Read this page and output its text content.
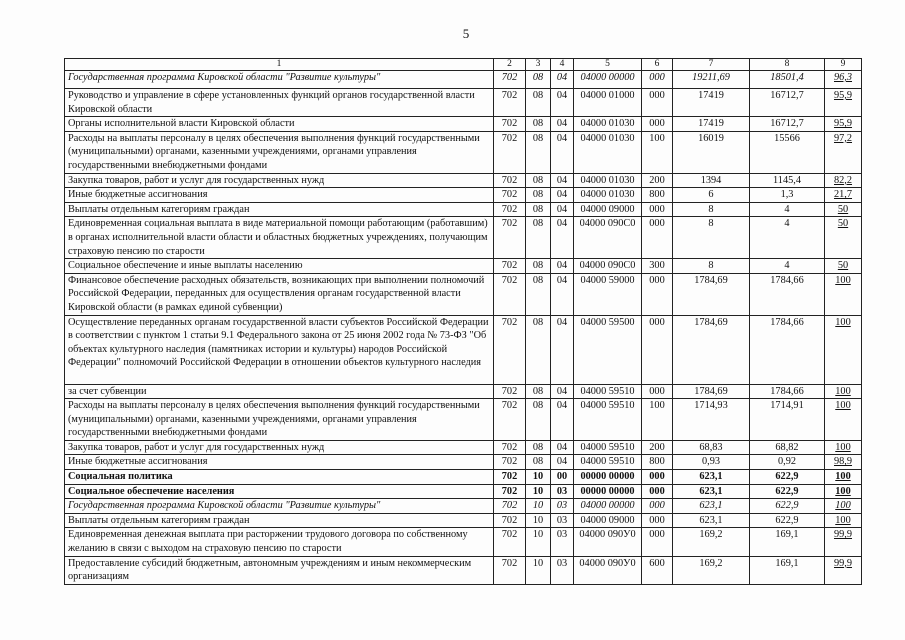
5
1	2	3	4	5	6	7	8	9
Государственная программа Кировской области "Развитие культуры"	702	08	04	04000 00000	000	19211,69	18501,4	96,3
Руководство и управление в сфере установленных функций органов государственной власти Кировской области	702	08	04	04000 01000	000	17419	16712,7	95,9
Органы исполнительной власти Кировской области	702	08	04	04000 01030	000	17419	16712,7	95,9
Расходы на выплаты персоналу в целях обеспечения выполнения функций государственными (муниципальными) органами, казенными учреждениями, органами управления государственными внебюджетными фондами	702	08	04	04000 01030	100	16019	15566	97,2
Закупка товаров, работ и услуг для государственных нужд	702	08	04	04000 01030	200	1394	1145,4	82,2
Иные бюджетные ассигнования	702	08	04	04000 01030	800	6	1,3	21,7
Выплаты отдельным категориям граждан	702	08	04	04000 09000	000	8	4	50
Единовременная социальная выплата в виде материальной помощи работающим (работавшим) в органах исполнительной власти области и областных бюджетных учреждениях, получающим страховую пенсию по старости	702	08	04	04000 090С0	000	8	4	50
Социальное обеспечение и иные выплаты населению	702	08	04	04000 090С0	300	8	4	50
Финансовое обеспечение расходных обязательств, возникающих при выполнении полномочий Российской Федерации, переданных для осуществления органам государственной власти Кировской области (в рамках единой субвенции)	702	08	04	04000 59000	000	1784,69	1784,66	100
Осуществление переданных органам государственной власти субъектов Российской Федерации в соответствии с пунктом 1 статьи 9.1 Федерального закона от 25 июня 2002 года № 73-ФЗ "Об объектах культурного наследия (памятниках истории и культуры) народов Российской Федерации" полномочий Российской Федерации в отношении объектов культурного наследия	702	08	04	04000 59500	000	1784,69	1784,66	100
за счет субвенции	702	08	04	04000 59510	000	1784,69	1784,66	100
Расходы на выплаты персоналу в целях обеспечения выполнения функций государственными (муниципальными) органами, казенными учреждениями, органами управления государственными внебюджетными фондами	702	08	04	04000 59510	100	1714,93	1714,91	100
Закупка товаров, работ и услуг для государственных нужд	702	08	04	04000 59510	200	68,83	68,82	100
Иные бюджетные ассигнования	702	08	04	04000 59510	800	0,93	0,92	98,9
Социальная политика	702	10	00	00000 00000	000	623,1	622,9	100
Социальное обеспечение населения	702	10	03	00000 00000	000	623,1	622,9	100
Государственная программа Кировской области "Развитие культуры"	702	10	03	04000 00000	000	623,1	622,9	100
Выплаты отдельным категориям граждан	702	10	03	04000 09000	000	623,1	622,9	100
Единовременная денежная выплата при расторжении трудового договора по собственному желанию в связи с выходом на страховую пенсию по старости	702	10	03	04000 090У0	000	169,2	169,1	99,9
Предоставление субсидий бюджетным, автономным учреждениям и иным некоммерческим организациям	702	10	03	04000 090У0	600	169,2	169,1	99,9
